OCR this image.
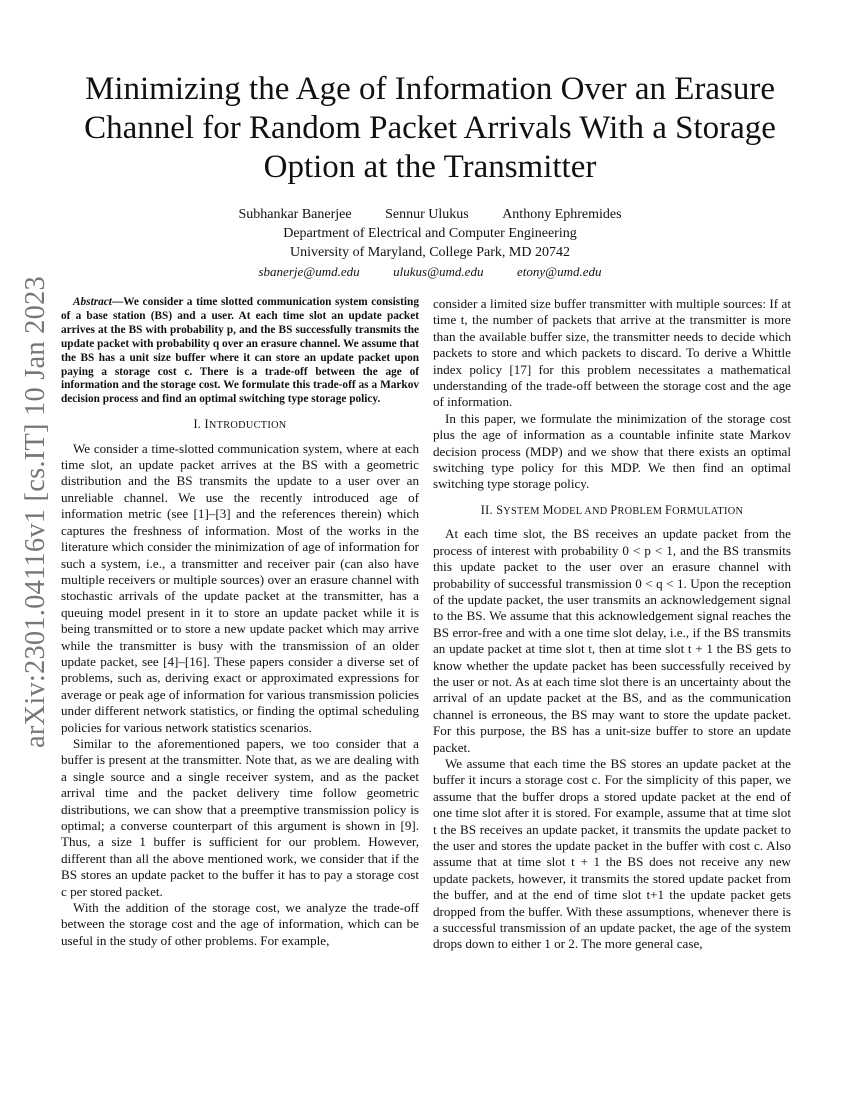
arXiv:2301.04116v1 [cs.IT] 10 Jan 2023
Minimizing the Age of Information Over an Erasure Channel for Random Packet Arrivals With a Storage Option at the Transmitter
Subhankar Banerjee Sennur Ulukus Anthony Ephremides
Department of Electrical and Computer Engineering
University of Maryland, College Park, MD 20742
sbanerje@umd.edu	ulukus@umd.edu	etony@umd.edu

Abstract—We consider a time slotted communication system consisting of a base station (BS) and a user. At each time slot an update packet arrives at the BS with probability p, and the BS successfully transmits the update packet with probability q over an erasure channel. We assume that the BS has a unit size buffer where it can store an update packet upon paying a storage cost c. There is a trade-off between the age of information and the storage cost. We formulate this trade-off as a Markov decision process and find an optimal switching type storage policy.

I. INTRODUCTION

We consider a time-slotted communication system, where at each time slot, an update packet arrives at the BS with a geometric distribution and the BS transmits the update to a user over an unreliable channel. We use the recently introduced age of information metric (see [1]–[3] and the references therein) which captures the freshness of information. Most of the works in the literature which consider the minimization of age of information for such a system, i.e., a transmitter and receiver pair (can also have multiple receivers or multiple sources) over an erasure channel with stochastic arrivals of the update packet at the transmitter, has a queuing model present in it to store an update packet while it is being transmitted or to store a new update packet which may arrive while the transmitter is busy with the transmission of an older update packet, see [4]–[16]. These papers consider a diverse set of problems, such as, deriving exact or approximated expressions for average or peak age of information for various transmission policies under different network statistics, or finding the optimal scheduling policies for various network statistics scenarios.

Similar to the aforementioned papers, we too consider that a buffer is present at the transmitter. Note that, as we are dealing with a single source and a single receiver system, and as the packet arrival time and the packet delivery time follow geometric distributions, we can show that a preemptive transmission policy is optimal; a converse counterpart of this argument is shown in [9]. Thus, a size 1 buffer is sufficient for our problem. However, different than all the above mentioned work, we consider that if the BS stores an update packet to the buffer it has to pay a storage cost c per stored packet.

With the addition of the storage cost, we analyze the trade-off between the storage cost and the age of information, which can be useful in the study of other problems. For example,

consider a limited size buffer transmitter with multiple sources: If at time t, the number of packets that arrive at the transmitter is more than the available buffer size, the transmitter needs to decide which packets to store and which packets to discard. To derive a Whittle index policy [17] for this problem necessitates a mathematical understanding of the trade-off between the storage cost and the age of information.

In this paper, we formulate the minimization of the storage cost plus the age of information as a countable infinite state Markov decision process (MDP) and we show that there exists an optimal switching type policy for this MDP. We then find an optimal switching type storage policy.

II. SYSTEM MODEL AND PROBLEM FORMULATION

At each time slot, the BS receives an update packet from the process of interest with probability 0 < p < 1, and the BS transmits this update packet to the user over an erasure channel with probability of successful transmission 0 < q < 1. Upon the reception of the update packet, the user transmits an acknowledgement signal to the BS. We assume that this acknowledgement signal reaches the BS error-free and with a one time slot delay, i.e., if the BS transmits an update packet at time slot t, then at time slot t + 1 the BS gets to know whether the update packet has been successfully received by the user or not. As at each time slot there is an uncertainty about the arrival of an update packet at the BS, and as the communication channel is erroneous, the BS may want to store the update packet. For this purpose, the BS has a unit-size buffer to store an update packet.

We assume that each time the BS stores an update packet at the buffer it incurs a storage cost c. For the simplicity of this paper, we assume that the buffer drops a stored update packet at the end of one time slot after it is stored. For example, assume that at time slot t the BS receives an update packet, it transmits the update packet to the user and stores the update packet in the buffer with cost c. Also assume that at time slot t + 1 the BS does not receive any new update packets, however, it transmits the stored update packet from the buffer, and at the end of time slot t+1 the update packet gets dropped from the buffer. With these assumptions, whenever there is a successful transmission of an update packet, the age of the system drops down to either 1 or 2. The more general case,
